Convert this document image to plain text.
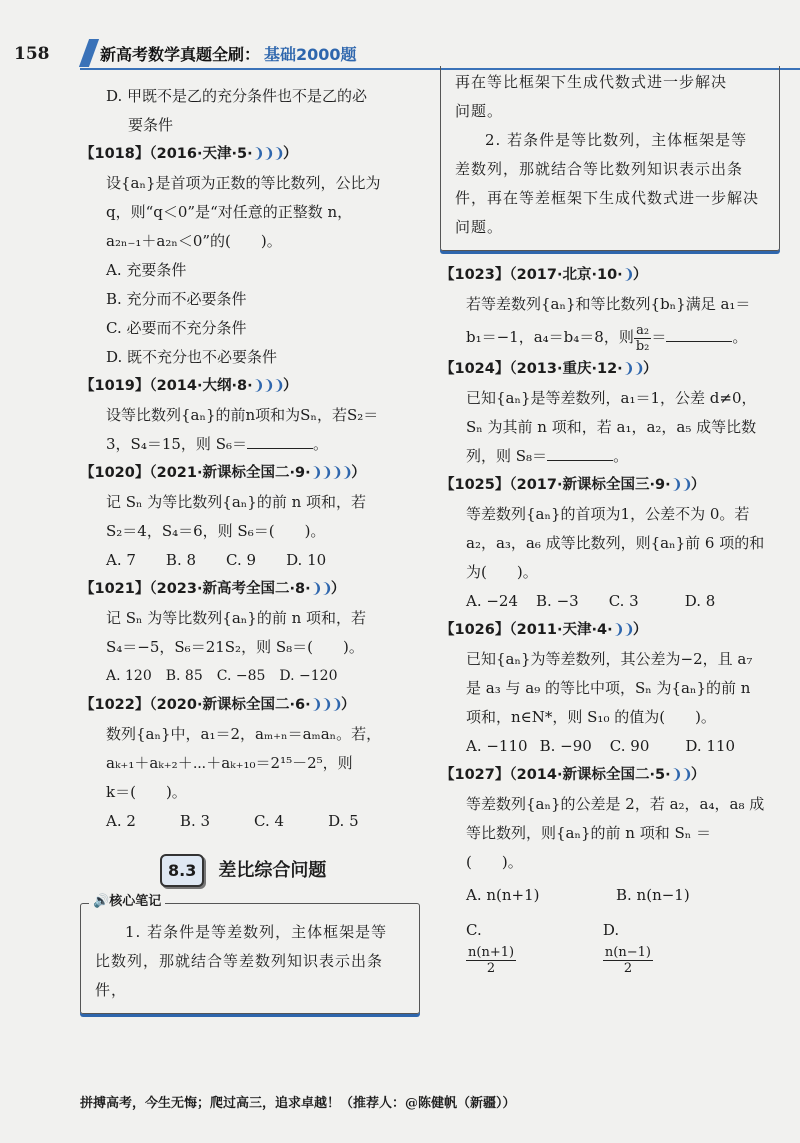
158	新高考数学真题全刷： 基础2000题
D. 甲既不是乙的充分条件也不是乙的必
要条件
【1018】（2016·天津·5·❩❩❩）
设{aₙ}是首项为正数的等比数列，公比为
q，则“q＜0”是“对任意的正整数 n，
a₂ₙ₋₁＋a₂ₙ＜0”的(　　)。
A. 充要条件
B. 充分而不必要条件
C. 必要而不充分条件
D. 既不充分也不必要条件
【1019】（2014·大纲·8·❩❩❩）
设等比数列{aₙ}的前n项和为Sₙ，若S₂＝
3，S₄＝15，则 S₆＝	。
【1020】（2021·新课标全国二·9·❩❩❩❩）
记 Sₙ 为等比数列{aₙ}的前 n 项和，若
S₂＝4，S₄＝6，则 S₆＝(　　)。
A. 7 B. 8 C. 9 D. 10
【1021】（2023·新高考全国二·8·❩❩）
记 Sₙ 为等比数列{aₙ}的前 n 项和，若
S₄＝−5，S₆＝21S₂，则 S₈＝(　　)。
A. 120 B. 85 C. −85 D. −120
【1022】（2020·新课标全国二·6·❩❩❩）
数列{aₙ}中，a₁＝2，aₘ₊ₙ＝aₘaₙ。若，
aₖ₊₁＋aₖ₊₂＋⋯＋aₖ₊₁₀＝2¹⁵－2⁵，则
k＝(　　)。
A. 2	B. 3	C. 4	D. 5
8.3	差比综合问题
🔊核心笔记

1. 若条件是等差数列，主体框架是等

比数列，那就结合等差数列知识表示出条件，

再在等比框架下生成代数式进一步解决

问题。

2. 若条件是等比数列，主体框架是等

差数列，那就结合等比数列知识表示出条

件，再在等差框架下生成代数式进一步解决

问题。

【1023】（2017·北京·10·❩）
若等差数列{aₙ}和等比数列{bₙ}满足 a₁＝
b₁＝−1，a₄＝b₄＝8，则 $\frac{\text{a₂}}{\text{b₂}}$ ＝	。
【1024】（2013·重庆·12·❩❩）
已知{aₙ}是等差数列，a₁＝1，公差 d≠0，
Sₙ 为其前 n 项和，若 a₁，a₂，a₅ 成等比数
列，则 S₈＝	。
【1025】（2017·新课标全国三·9·❩❩）
等差数列{aₙ}的首项为1，公差不为 0。若
a₂，a₃，a₆ 成等比数列，则{aₙ}前 6 项的和
为(　　)。
A. −24 B. −3 C. 3	D. 8
【1026】（2011·天津·4·❩❩）
已知{aₙ}为等差数列，其公差为−2，且 a₇
是 a₃ 与 a₉ 的等比中项，Sₙ 为{aₙ}的前 n
项和，n∈N*，则 S₁₀ 的值为(　　)。
A. −110 B. −90 C. 90 D. 110
【1027】（2014·新课标全国二·5·❩❩）
等差数列{aₙ}的公差是 2，若 a₂，a₄，a₈ 成
等比数列，则{aₙ}的前 n 项和 Sₙ ＝
(　　)。
A. n(n+1)	B. n(n−1)
C.
$\frac{n(n+1)}{2}$
D.
$\frac{n(n-1)}{2}$
拼搏高考，今生无悔；爬过高三，追求卓越！（推荐人：@陈健帆（新疆））
